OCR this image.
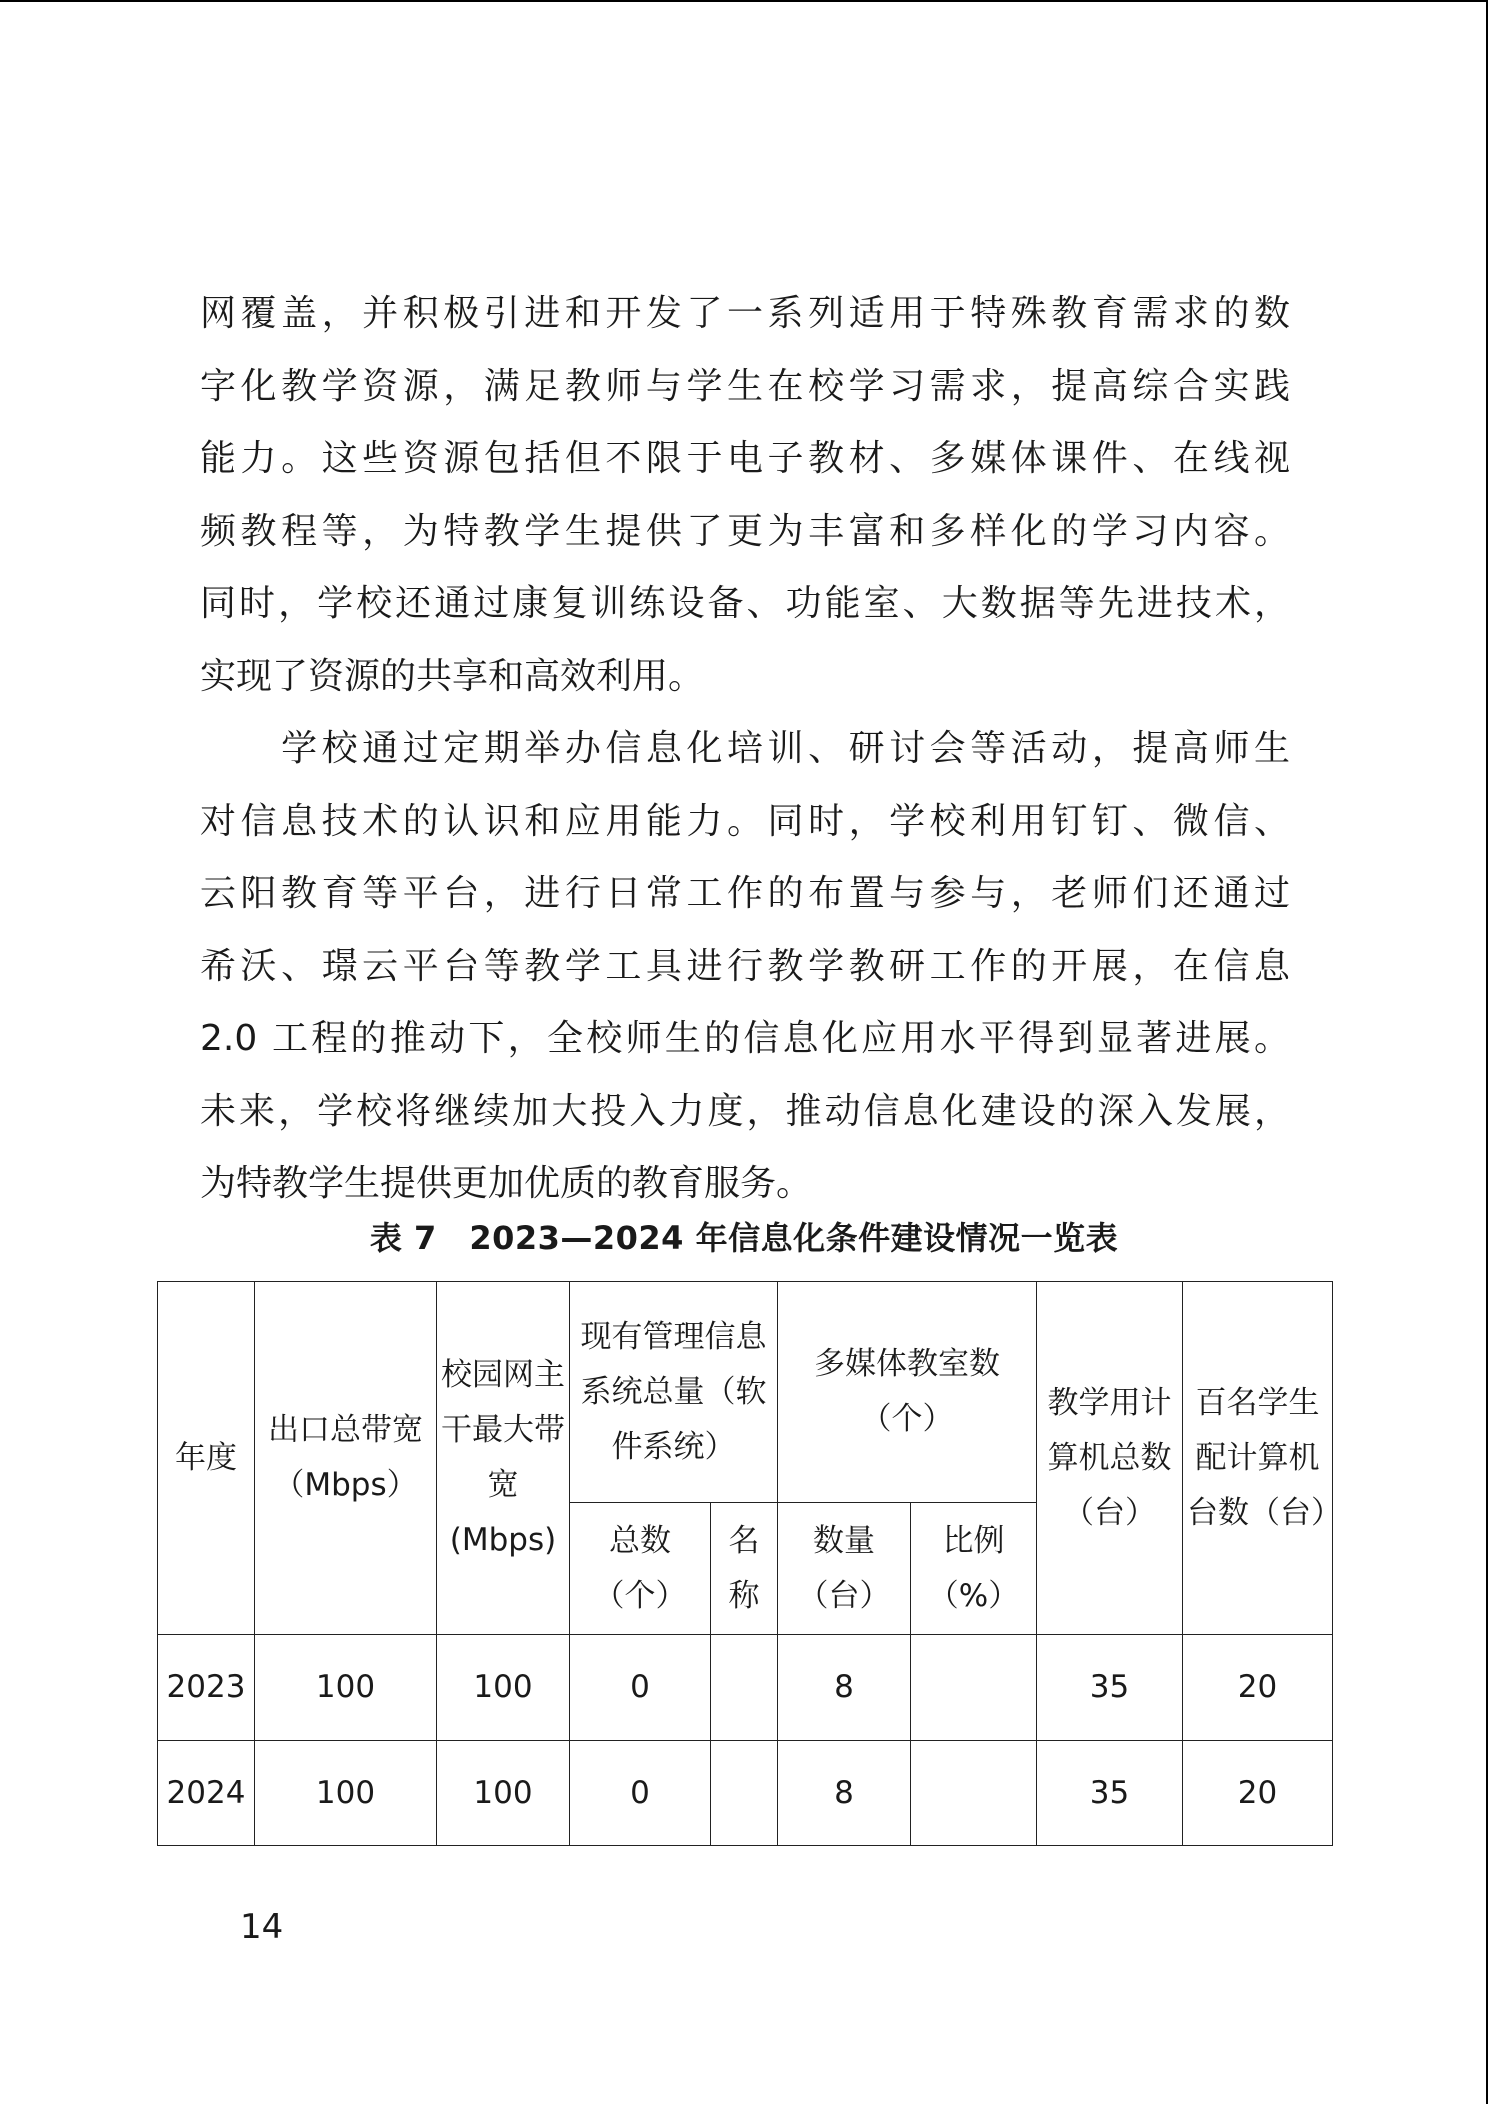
网覆盖，并积极引进和开发了一系列适用于特殊教育需求的数
字化教学资源，满足教师与学生在校学习需求，提高综合实践
能力。这些资源包括但不限于电子教材、多媒体课件、在线视
频教程等，为特教学生提供了更为丰富和多样化的学习内容。
同时，学校还通过康复训练设备、功能室、大数据等先进技术，
实现了资源的共享和高效利用。
　　学校通过定期举办信息化培训、研讨会等活动，提高师生
对信息技术的认识和应用能力。同时，学校利用钉钉、微信、
云阳教育等平台，进行日常工作的布置与参与，老师们还通过
希沃、璟云平台等教学工具进行教学教研工作的开展，在信息
2.0 工程的推动下，全校师生的信息化应用水平得到显著进展。
未来，学校将继续加大投入力度，推动信息化建设的深入发展，
为特教学生提供更加优质的教育服务。
表 7　2023—2024 年信息化条件建设情况一览表
年度	出口总带宽（Mbps）	校园网主干最大带宽(Mbps)	现有管理信息系统总量（软件系统）		多媒体教室数（个）		教学用计算机总数（台）	百名学生配计算机台数（台）
			总数（个）	名称	数量（台）	比例（%）		
2023	100	100	0		8		35	20
2024	100	100	0		8		35	20
14
